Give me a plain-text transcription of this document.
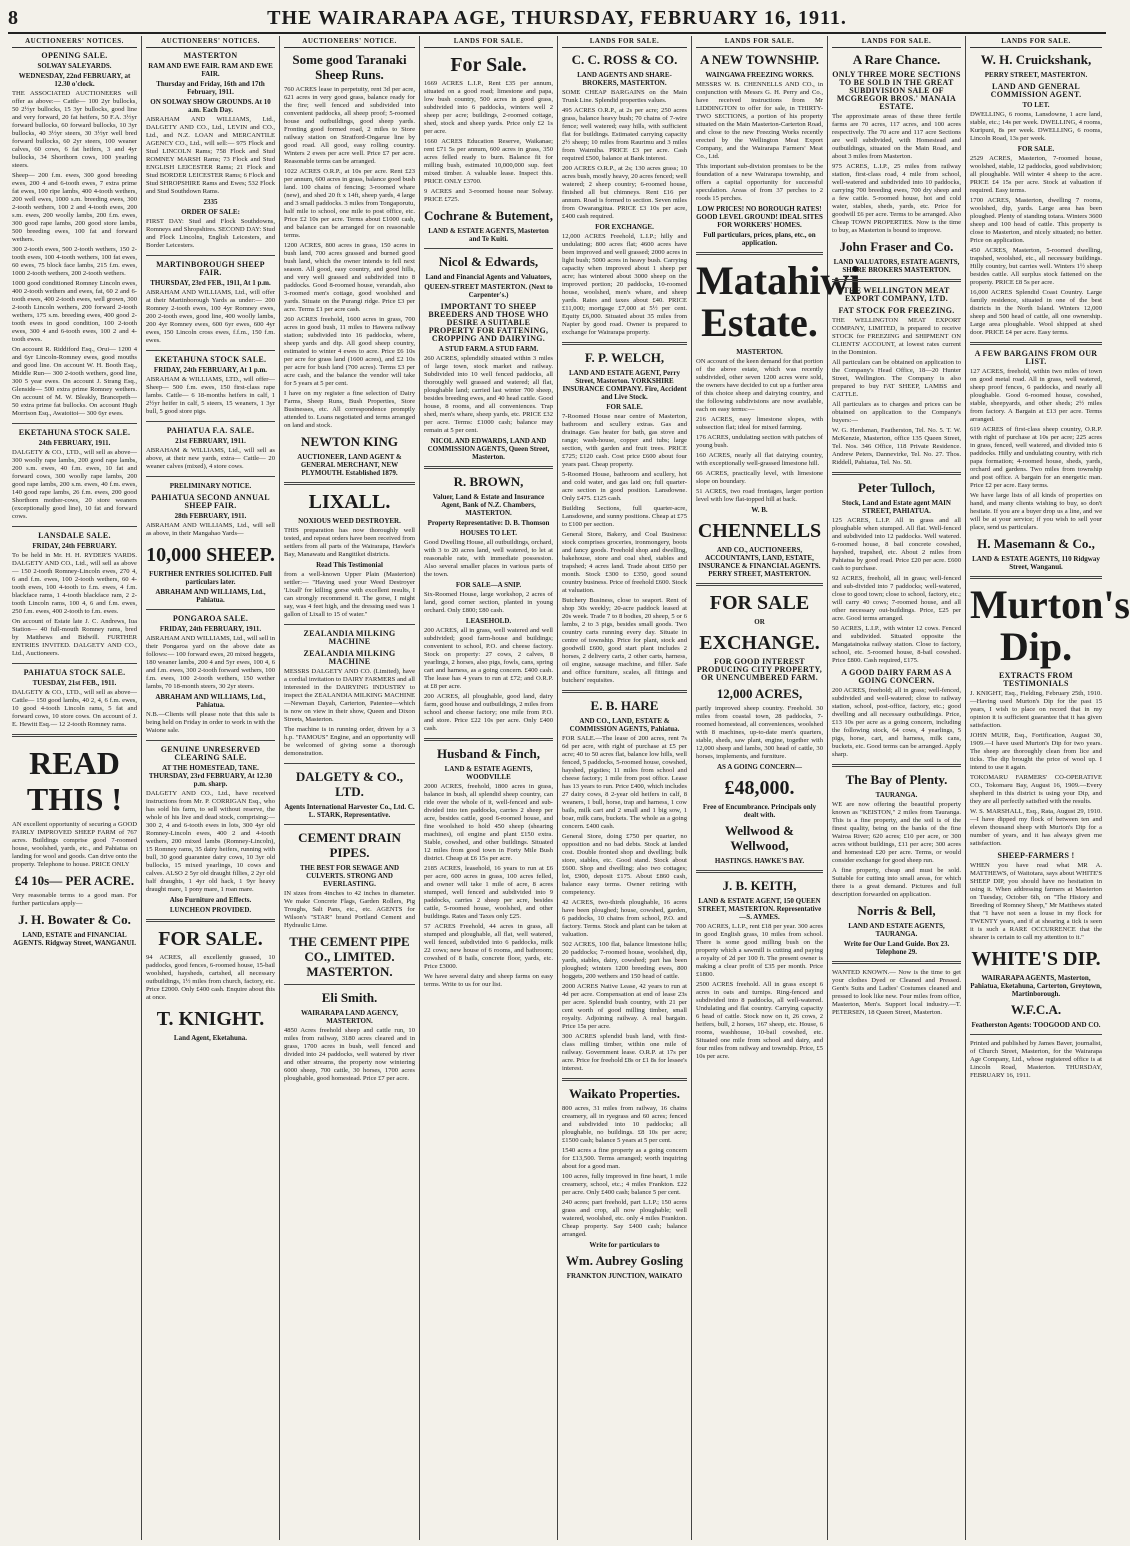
8	THE WAIRARAPA AGE, THURSDAY, FEBRUARY 16, 1911.
AUCTIONEERS' NOTICES.
OPENING SALE.
SOLWAY SALEYARDS.
WEDNESDAY, 22nd FEBRUARY, at 12.30 o'clock.
THE ASSOCIATED AUCTIONEERS will offer as above:— Cattle— 100 2yr bullocks, 50 2½yr bullocks, 15 3yr bullocks, good line and very forward, 20 fat heifers, 50 F.A. 3½yr forward bullocks, 60 forward bullocks, 10 3yr bullocks, 40 3½yr steers, 30 3½yr well bred forward bullocks, 60 2yr steers, 100 weaner calves, 60 cows, 6 fat heifers, 3 and 4yr bullocks, 34 Shorthorn cows, 100 yearling steers.
Sheep— 200 f.m. ewes, 300 good breeding ewes, 200 4 and 6-tooth ewes, 7 extra prime fat ewes, 100 ripe lambs, 400 4-tooth wethers, 200 well ewes, 1000 s.m. breeding ewes, 300 2-tooth wethers, 100 2 and 4-tooth ewes, 200 s.m. ewes, 200 woolly lambs, 200 f.m. ewes, 300 good rape lambs, 200 good store lambs, 500 breeding ewes, 100 fat and forward wethers.
300 2-tooth ewes, 500 2-tooth wethers, 150 2-tooth ewes, 100 4-tooth wethers, 100 fat ewes, 60 ewes, 75 block face lambs, 215 f.m. ewes, 1000 2-tooth wethers, 200 2-tooth wethers.
1000 good conditioned Romney Lincoln ewes, 400 2-tooth wethers and ewes, fat, 60 2 and 6-tooth ewes, 400 2-tooth ewes, well grown, 300 2-tooth Lincoln wethers, 200 forward 2-tooth wethers, 175 s.m. breeding ewes, 400 good 2-tooth ewes in good condition, 100 2-tooth ewes, 300 4 and 6-tooth ewes, 100 2 and 4-tooth ewes.
On account R. Riddiford Esq., Orui— 1200 4 and 6yr Lincoln-Romney ewes, good mouths and good line. On account W. H. Booth Esq., Middle Run— 300 2-tooth wethers, good line, 300 5 year ewes. On account J. Strang Esq., Glenside— 500 extra prime Romney wethers. On account of M. W. Bleakly, Brancepeth— 50 extra prime fat bullocks. On account Hugh Morrison Esq., Awatoitoi— 300 6yr ewes.
EKETAHUNA STOCK SALE.
24th FEBRUARY, 1911.
DALGETY & CO., LTD., will sell as above— 300 woolly rape lambs, 200 good rape lambs, 200 s.m. ewes, 40 f.m. ewes, 10 fat and forward cows, 300 woolly rape lambs, 200 good rape lambs, 200 s.m. ewes, 40 f.m. ewes, 140 good rape lambs, 26 f.m. ewes, 200 good Shorthorn mother-cows, 20 store weaners (exceptionally good line), 10 fat and forward cows.
LANSDALE SALE.
FRIDAY, 24th FEBRUARY.
To be held in Mr. H. H. RYDER'S YARDS. DALGETY AND CO., Ltd., will sell as above— 150 2-tooth Romney-Lincoln ewes, 270 4, 6 and f.m. ewes, 100 2-tooth wethers, 60 4-tooth ewes, 100 4-tooth to f.m. ewes, 4 f.m. blackface rams, 1 4-tooth blackface ram, 2 2-tooth Lincoln rams, 100 4, 6 and f.m. ewes, 250 f.m. ewes, 400 2-tooth to f.m. ewes.
On account of Estate late J. C. Andrews, Iua Station— 40 full-mouth Romney rams, bred by Matthews and Bidwill. FURTHER ENTRIES INVITED. DALGETY AND CO., Ltd., Auctioneers.
PAHIATUA STOCK SALE.
TUESDAY, 21st FEB., 1911.
DALGETY & CO., LTD., will sell as above— Cattle— 150 good lambs, 40 2, 4, 6 f.m. ewes, 10 good 4-tooth Lincoln rams, 5 fat and forward cows, 10 store cows. On account of J. E. Hewitt Esq.— 12 2-tooth Romney rams.
READ THIS !
AN excellent opportunity of securing a GOOD FAIRLY IMPROVED SHEEP FARM of 767 acres. Buildings comprise good 7-roomed house, woolshed, yards, etc., and Pahiatua on landing for wool and goods. Can drive onto the property. Telephone to house. PRICE ONLY
£4 10s— PER ACRE.
Very reasonable terms to a good man. For further particulars apply—
J. H. Bowater & Co.
LAND, ESTATE and FINANCIAL AGENTS. Ridgway Street, WANGANUI.
AUCTIONEERS' NOTICES.
MASTERTON
RAM AND EWE FAIR. RAM AND EWE FAIR.
Thursday and Friday, 16th and 17th February, 1911.
ON SOLWAY SHOW GROUNDS. At 10 a.m. Each Day.
ABRAHAM AND WILLIAMS, Ltd., DALGETY AND CO., Ltd., LEVIN and CO., Ltd., and N.Z. LOAN and MERCANTILE AGENCY CO., Ltd., will sell:— 975 Flock and Stud LINCOLN Rams; 758 Flock and Stud ROMNEY MARSH Rams; 73 Flock and Stud ENGLISH LEICESTER Rams; 21 Flock and Stud BORDER LEICESTER Rams; 6 Flock and Stud SHROPSHIRE Rams and Ewes; 532 Flock and Stud Southdown Rams.
2335
ORDER OF SALE:
FIRST DAY: Stud and Flock Southdowns, Romneys and Shropshires. SECOND DAY: Stud and Flock Lincolns, English Leicesters, and Border Leicesters.
MARTINBOROUGH SHEEP FAIR.
THURSDAY, 23rd FEB., 1911, At 1 p.m.
ABRAHAM AND WILLIAMS, Ltd., will offer at their Martinborough Yards as under:— 200 Romney 2-tooth ewes, 100 4yr Romney ewes, 200 2-tooth ewes, good line, 400 woolly lambs, 200 4yr Romney ewes, 600 6yr ewes, 600 4yr ewes, 150 Lincoln cross ewes, f.f.m., 150 f.m. ewes.
EKETAHUNA STOCK SALE.
FRIDAY, 24th FEBRUARY, At 1 p.m.
ABRAHAM & WILLIAMS, LTD., will offer— Sheep— 500 f.m. ewes, 150 first-class rape lambs. Cattle— 6 18-months heifers in calf, 1 2½yr heifer in calf, 5 steers, 15 weaners, 1 3yr bull, 5 good store pigs.
PAHIATUA F.A. SALE.
21st FEBRUARY, 1911.
ABRAHAM & WILLIAMS, Ltd., will sell as above, at their new yards, extra— Cattle— 20 weaner calves (mixed), 4 store cows.
PRELIMINARY NOTICE.
PAHIATUA SECOND ANNUAL SHEEP FAIR.
28th FEBRUARY, 1911.
ABRAHAM AND WILLIAMS, Ltd., will sell as above, in their Mangahao Yards—
10,000 SHEEP.
FURTHER ENTRIES SOLICITED. Full particulars later.
ABRAHAM AND WILLIAMS, Ltd., Pahiatua.
PONGAROA SALE.
FRIDAY, 24th FEBRUARY, 1911.
ABRAHAM AND WILLIAMS, Ltd., will sell in their Pongaroa yard on the above date as follows:— 100 forward ewes, 20 mixed heggets, 180 weaner lambs, 200 4 and 5yr ewes, 100 4, 6 and f.m. ewes, 300 2-tooth forward wethers, 100 f.m. ewes, 100 2-tooth wethers, 150 wether lambs, 70 18-month steers, 30 2yr steers.
ABRAHAM AND WILLIAMS, Ltd., Pahiatua.
N.B.—Clients will please note that this sale is being held on Friday in order to work in with the Waione sale.
GENUINE UNRESERVED CLEARING SALE.
AT THE HOMESTEAD, TANE. THURSDAY, 23rd FEBRUARY, At 12.30 p.m. sharp.
DALGETY AND CO., Ltd., have received instructions from Mr. P. CORRIGAN Esq., who has sold his farm, to sell without reserve, the whole of his live and dead stock, comprising:— 300 2, 4 and 6-tooth ewes in lots, 300 4yr old Romney-Lincoln ewes, 400 2 and 4-tooth wethers, 200 mixed lambs (Romney-Lincoln), 15 Romney rams, 35 dairy heifers, running with bull, 30 good guarantee dairy cows, 10 3yr old bullocks, 15 mixed yearlings, 10 cows and calves. ALSO 2 5yr old draught fillies, 2 2yr old half draughts, 1 4yr old hack, 1 9yr heavy draught mare, 1 pony mare, 1 roan mare.
Also Furniture and Effects.
LUNCHEON PROVIDED.
FOR SALE.
94 ACRES, all excellently grassed, 10 paddocks, good fences, 6-roomed house, 15-bail woolshed, haysheds, cartshed, all necessary outbuildings, 1½ miles from church, factory, etc. Price £2000. Only £400 cash. Enquire about this at once.
T. KNIGHT.
Land Agent, Eketahuna.
AUCTIONEERS' NOTICE.
Some good Taranaki Sheep Runs.
760 ACRES lease in perpetuity, rent 3d per acre, 621 acres in very good grass, balance ready for the fire; well fenced and subdivided into convenient paddocks, all sheep proof; 5-roomed house and outbuildings, good sheep yards. Fronting good formed road, 2 miles to Store railway station on Stratford-Ongarue line by good road. All good, easy rolling country. Winters 2 ewes per acre well. Price £7 per acre. Reasonable terms can be arranged.
1022 ACRES O.R.P., at 10s per acre. Rent £23 per annum, 600 acres in grass, balance good bush land. 100 chains of fencing; 3-roomed whare (new), and shed 20 ft x 14ft, sheep yards, 4 large and 3 small paddocks. 3 miles from Tongaporutu, half mile to school, one mile to post office, etc. Price £2 10s per acre. Terms about £1000 cash, and balance can be arranged for on reasonable terms.
1200 ACRES, 800 acres in grass, 150 acres in bush land, 700 acres grassed and burned good bush land, which the owner intends to fell next season. All good, easy country, and good hills, and very well grassed and subdivided into 8 paddocks. Good 8-roomed house, verandah, also 3-roomed men's cottage, good woolshed and yards. Situate on the Purangi ridge. Price £3 per acre. Terms £1 per acre cash.
260 ACRES freehold, 1600 acres in grass, 700 acres in good bush, 11 miles to Hawera railway station; subdivided into 16 paddocks, where, sheep yards and dip. All good sheep country, estimated to winter 4 ewes to acre. Price £6 10s per acre for grass land (1600 acres), and £2 10s per acre for bush land (700 acres). Terms £3 per acre cash, and the balance the vendor will take for 5 years at 5 per cent.
I have on my register a fine selection of Dairy Farms, Sheep Runs, Bush Properties, Store Businesses, etc. All correspondence promptly attended to. Loans negotiated and terms arranged on land and stock.
NEWTON KING
AUCTIONEER, LAND AGENT & GENERAL MERCHANT, NEW PLYMOUTH. Established 1879.
LIXALL.
NOXIOUS WEED DESTROYER.
THIS preparation has now thoroughly well tested, and repeat orders have been received from settlers from all parts of the Wairarapa, Hawke's Bay, Manawatu and Rangitikei districts.
Read This Testimonial
from a well-known Upper Plain (Masterton) settler:— "Having used your Weed Destroyer 'Lixall' for killing gorse with excellent results, I can strongly recommend it. The gorse, I might say, was 4 feet high, and the dressing used was 1 gallon of Lixall to 15 of water."
ZEALANDIA MILKING MACHINE
ZEALANDIA MILKING MACHINE
MESSRS DALGETY AND CO. (Limited), have a cordial invitation to DAIRY FARMERS and all interested in the DAIRYING INDUSTRY to inspect the ZEALANDIA MILKING MACHINE—Newman Dayah, Carterton, Patentee—which is now on view in their show, Queen and Dixon Streets, Masterton.
The machine is in running order, driven by a 3 h.p. "FAMOUS" Engine, and an opportunity will be welcomed of giving some a thorough demonstration.
DALGETY & CO., LTD.
Agents International Harvester Co., Ltd. C. L. STARK, Representative.
CEMENT DRAIN PIPES.
THE BEST FOR SEWAGE AND CULVERTS. STRONG AND EVERLASTING.
IN sizes from 4inches to 42 inches in diameter. We make Concrete Flags, Garden Rollers, Pig Troughs, Salt Pans, etc., etc. AGENTS for Wilson's "STAR" brand Portland Cement and Hydraulic Lime.
THE CEMENT PIPE CO., LIMITED. MASTERTON.
Eli Smith.
WAIRARAPA LAND AGENCY, MASTERTON.
4850 Acres freehold sheep and cattle run, 10 miles from railway, 3180 acres cleared and in grass, 1700 acres in bush, well fenced and divided into 24 paddocks, well watered by river and other streams, the property now wintering 6000 sheep, 700 cattle, 30 horses, 1700 acres ploughable, good homestead. Price £7 per acre.
LANDS FOR SALE.
For Sale.
1669 ACRES L.I.P., Rent £35 per annum, situated on a good road; limestone and papa, low bush country, 500 acres in good grass, subdivided into 6 paddocks, winters well 2 sheep per acre; buildings, 2-roomed cottage, shed, stock and sheep yards. Price only £2 1s per acre.
1660 ACRES Education Reserve, Waikanae; rent £71 5s per annum, 600 acres in grass, 350 acres felled ready to burn. Balance fit for milling bush, estimated 10,000,000 sup. feet mixed timber. A valuable lease. Inspect this. PRICE ONLY £3700.
9 ACRES and 3-roomed house near Solway. PRICE £725.
Cochrane & Butement,
LAND & ESTATE AGENTS, Masterton and Te Kuiti.
Nicol & Edwards,
Land and Financial Agents and Valuators,
QUEEN-STREET MASTERTON. (Next to Carpenter's.)
IMPORTANT TO SHEEP BREEDERS AND THOSE WHO DESIRE A SUITABLE PROPERTY FOR FATTENING, CROPPING AND DAIRYING.
A STUD FARM. A STUD FARM.
260 ACRES, splendidly situated within 3 miles of large town, stock market and railway. Subdivided into 10 well fenced paddocks, all thoroughly well grassed and watered; all flat, ploughable land; carried last winter 700 sheep, besides breeding ewes, and 40 head cattle. Good house, 8 rooms, and all conveniences. Trap shed, men's whare, sheep yards, etc. PRICE £32 per acre. Terms: £1000 cash; balance may remain at 5 per cent.
NICOL AND EDWARDS, LAND AND COMMISSION AGENTS, Queen Street, Masterton.
R. BROWN,
Valuer, Land & Estate and Insurance Agent, Bank of N.Z. Chambers, MASTERTON.
Property Representative: D. B. Thomson
HOUSES TO LET.
Good Dwelling House, all outbuildings, orchard, with 3 to 20 acres land, well watered, to let at reasonable rate, with immediate possession. Also several smaller places in various parts of the town.
FOR SALE—A SNIP.
Six-Roomed House, large workshop, 2 acres of land, good corner section, planted in young orchard. Only £800; £80 cash.
LEASEHOLD.
200 ACRES, all in grass, well watered and well subdivided; good farm-house and buildings; convenient to school, P.O. and cheese factory. Stock on property: 27 cows, 2 calves, 8 yearlings, 2 horses, also pigs, fowls, cans, spring cart and harness, as a going concern. £400 cash. The lease has 4 years to run at £72; and O.R.P. at £8 per acre.
200 ACRES, all ploughable, good land, dairy farm, good house and outbuildings, 2 miles from school and cheese factory; one mile from P.O. and store. Price £22 10s per acre. Only £400 cash.
Husband & Finch,
LAND & ESTATE AGENTS, WOODVILLE
2000 ACRES, freehold, 1800 acres in grass, balance in bush, all splendid sheep country, can ride over the whole of it, well-fenced and sub-divided into ten paddocks, carries 2 sheep per acre, besides cattle, good 6-roomed house, and fine woolshed to hold 450 sheep (shearing machines), oil engine and plant £150 extra. Stable, cowshed, and other buildings. Situated 12 miles from good town in Forty Mile Bush district. Cheap at £6 15s per acre.
2185 ACRES, leasehold, 16 years to run at £6 per acre, 600 acres in grass, 100 acres felled, and owner will take 1 mile of acre, 8 acres stumped, well fenced and subdivided into 9 paddocks, carries 2 sheep per acre, besides cattle, 5-roomed house, woolshed, and other buildings. Rates and Taxes only £25.
57 ACRES Freehold, 44 acres in grass, all stumped and ploughable, all flat, well watered, well fenced, subdivided into 6 paddocks, milk 22 cows; new house of 6 rooms, and bathroom; cowshed of 8 bails, concrete floor, yards, etc. Price £3000.
We have several dairy and sheep farms on easy terms. Write to us for our list.
LANDS FOR SALE.
C. C. ROSS & CO.
LAND AGENTS AND SHARE-BROKERS, MASTERTON.
SOME CHEAP BARGAINS on the Main Trunk Line. Splendid properties values.
495 ACRES O.R.P., at 2s per acre; 250 acres grass, balance heavy bush; 70 chains of 7-wire fence; well watered; easy hills, with sufficient flat for buildings. Estimated carrying capacity 2½ sheep; 10 miles from Raurimu and 3 miles from Waimiha. PRICE £3 per acre. Cash required £500, balance at Bank interest.
200 ACRES O.R.P., at 2s; 130 acres grass; 10 acres bush, mostly heavy, 20 acres fenced; well watered; 2 sheep country; 6-roomed house, finished all but chimneys. Rent £16 per annum. Road is formed to section. Seven miles from Owarangitua. PRICE £3 10s per acre, £400 cash required.
FOR EXCHANGE.
12,000 ACRES Freehold, L.I.P.; hilly and undulating; 800 acres flat; 4600 acres have been improved and well grassed; 2000 acres in light bush; 5000 acres in heavy bush. Carrying capacity when improved about 1 sheep per acre; has wintered about 3000 sheep on the improved portion; 20 paddocks, 10-roomed house, woolshed, men's whare, and sheep yards. Rates and taxes about £40. PRICE £11,000; mortgage £7,000 at 5½ per cent. Equity £6,000. Situated about 35 miles from Napier by good road. Owner is prepared to exchange for Wairarapa property.
F. P. WELCH,
LAND AND ESTATE AGENT, Perry Street, Masterton. YORKSHIRE INSURANCE COMPANY. Fire, Accident and Live Stock.
FOR SALE.
7-Roomed House near centre of Masterton, bathroom and scullery extras. Gas and drainage. Gas heater for bath, gas stove and range; wash-house, copper and tubs; large section, with garden and fruit trees. PRICE £725; £120 cash. Cost price £600 about four years past. Cheap property.
5-Roomed House, bathroom and scullery, hot and cold water, and gas laid on; full quarter-acre section in good position. Lansdowne. Only £475. £125 cash.
Building Sections, full quarter-acre, Lansdowne, and sunny positions. Cheap at £75 to £100 per section.
General Store, Bakery, and Coal Business: stock comprises groceries, ironmongery, boots and fancy goods. Freehold shop and dwelling, bakehouse, store and coal shed, stables and trapshed; 4 acres land. Trade about £850 per month. Stock £300 to £350, good sound country business. Price of freehold £600. Stock at valuation.
Butchery Business, close to seaport. Rent of shop 30s weekly; 20-acre paddock leased at 20s week. Trade 7 to 8 bodies, 20 sheep, 5 or 6 lambs, 2 to 3 pigs, besides small goods. Two country carts running every day. Situate in centre of township. Price for plant, stock and goodwill £600, good start plant includes 2 horses, 2 delivery carts, 2 other carts, harness, oil engine, sausage machine, and filler. Safe and office furniture, scales, all fittings and butchers' requisites.
E. B. HARE
AND CO., LAND, ESTATE & COMMISSION AGENTS, Pahiatua.
FOR SALE.—The lease of 200 acres, rent 7s 6d per acre, with right of purchase at £5 per acre; 40 to 50 acres flat, balance low hills, well fenced, 5 paddocks, 5-roomed house, cowshed, hayshed, pigsties; 11 miles from school and cheese factory; 1 mile from post office. Lease has 13 years to run. Price £400, which includes 27 dairy cows, 8 2-year old heifers in calf, 8 weaners, 1 bull, horse, trap and harness, 1 cow bails, milk cart and 2 small and 1 big sow, 1 boar, milk cans, buckets. The whole as a going concern. £400 cash.
General Store, doing £750 per quarter, no opposition and no bad debts. Stock at landed cost. Double fronted shop and dwelling; bulk store, stables, etc. Good stand. Stock about £600. Shop and dwelling; also two cottages; lot, £900, deposit £175. About £860 cash, balance easy terms. Owner retiring with competency.
42 ACRES, two-thirds ploughable, 16 acres have been ploughed; house, cowshed, garden, 6 paddocks, 10 chains from school, P.O. and factory. Terms. Stock and plant can be taken at valuation.
502 ACRES, 100 flat, balance limestone hills; 20 paddocks; 7-roomed house, woolshed, dip, yards, stables, dairy, cowshed; part has been ploughed; winters 1200 breeding ewes, 800 hoggets, 200 wethers and 150 head of cattle.
2000 ACRES Native Lease, 42 years to run at 4d per acre. Compensation at end of lease 23s per acre. Splendid bush country, with 21 per cent worth of good milling timber, small royalty. Adjoining railway. A real bargain. Price 15s per acre.
300 ACRES splendid bush land, with first-class milling timber, within one mile of railway. Government lease. O.R.P. at 17s per acre. Price for freehold £8s or £1 8s for lessee's interest.
Waikato Properties.
800 acres, 31 miles from railway, 16 chains creamery, all in ryegrass and 60 acres; fenced and subdivided into 10 paddocks; all ploughable, no buildings. £8 10s per acre; £1500 cash; balance 5 years at 5 per cent.
1540 acres a fine property as a going concern for £13,500. Terms arranged; worth inquiring about for a good man.
100 acres, fully improved in fine heart, 1 mile creamery, school, etc.; 4 miles Frankton. £22 per acre. Only £400 cash; balance 5 per cent.
240 acres; part freehold, part L.I.P.; 150 acres grass and crop, all now ploughable; well watered, woolshed, etc. only 4 miles Frankton. Cheap property. Say £400 cash; balance arranged.
Write for particulars to
Wm. Aubrey Gosling
FRANKTON JUNCTION, WAIKATO
LANDS FOR SALE.
A NEW TOWNSHIP.
WAINGAWA FREEZING WORKS.
MESSRS W. B. CHENNELLS AND CO., in conjunction with Messrs G. H. Perry and Co., have received instructions from Mr LIDDINGTON to offer for sale, in THIRTY-TWO SECTIONS, a portion of his property situated on the Main Masterton-Carterton Road, and close to the new Freezing Works recently erected by the Wellington Meat Export Company, and the Wairarapa Farmers' Meat Co., Ltd.
This important sub-division promises to be the foundation of a new Wairarapa township, and offers a capital opportunity for successful speculation. Areas of from 37 perches to 2 roods 15 perches.
LOW PRICES! NO BOROUGH RATES! GOOD LEVEL GROUND! IDEAL SITES FOR WORKERS' HOMES.
Full particulars, prices, plans, etc., on application.
Matahiwi Estate.
MASTERTON.
ON account of the keen demand for that portion of the above estate, which was recently subdivided, other seven 1200 acres were sold, the owners have decided to cut up a further area of this choice sheep and dairying country, and the following subdivisions are now available, each on easy terms:—
216 ACRES, easy limestone slopes, with subsection flat; ideal for mixed farming.
176 ACRES, undulating section with patches of young bush.
160 ACRES, nearly all flat dairying country, with exceptionally well-grassed limestone hill.
66 ACRES, practically level, with limestone slope on boundary.
51 ACRES, two road frontages, larger portion level with low flat-topped hill at back.
W. B.
CHENNELLS
AND CO., AUCTIONEERS, ACCOUNTANTS, LAND, ESTATE, INSURANCE & FINANCIAL AGENTS. PERRY STREET, MASTERTON.
FOR SALE
OR
EXCHANGE.
FOR GOOD INTEREST PRODUCING CITY PROPERTY, OR UNENCUMBERED FARM.
12,000 ACRES,
partly improved sheep country. Freehold. 30 miles from coastal town, 28 paddocks, 7-roomed homestead, all conveniences, woolshed with 8 machines, up-to-date men's quarters, stable, sheds, saw plant, engine, together with 12,000 sheep and lambs, 300 head of cattle, 30 horses, implements, and furniture.
AS A GOING CONCERN—
£48,000.
Free of Encumbrance. Principals only dealt with.
Wellwood & Wellwood,
HASTINGS. HAWKE'S BAY.
J. B. KEITH,
LAND & ESTATE AGENT, 150 QUEEN STREET, MASTERTON. Representative—S. AYMES.
700 ACRES, L.I.P., rent £18 per year. 300 acres in good English grass, 10 miles from school. There is some good milling bush on the property which a sawmill is cutting and paying a royalty of 2d per 100 ft. The present owner is making a clear profit of £35 per month. Price £1800.
2500 ACRES freehold. All in grass except 6 acres in oats and turnips. Ring-fenced and subdivided into 8 paddocks, all well-watered. Undulating and flat country. Carrying capacity 6 head of cattle. Stock now on it, 26 cows, 2 heifers, bull, 2 horses, 167 sheep, etc. House, 6 rooms, washhouse, 10-bail cowshed, etc. Situated one mile from school and dairy, and four miles from railway and township. Price, £5 10s per acre.
LANDS FOR SALE.
A Rare Chance.
ONLY THREE MORE SECTIONS TO BE SOLD IN THE GREAT SUBDIVISION SALE OF MCGREGOR BROS.' MANAIA ESTATE.
The approximate areas of these three fertile farms are 70 acres, 117 acres, and 100 acres respectively. The 70 acre and 117 acre Sections are well subdivided, with Homestead and outbuildings, situated on the Main Road, and about 3 miles from Masterton.
975 ACRES, L.I.P., 25 miles from railway station, first-class road, 4 mile from school, well-watered and subdivided into 10 paddocks, carrying 700 breeding ewes, 700 dry sheep and a few cattle. 5-roomed house, hot and cold water, stables, sheds, yards, etc. Price for goodwill £6 per acre. Terms to be arranged. Also Cheap TOWN PROPERTIES. Now is the time to buy, as Masterton is bound to improve.
John Fraser and Co.
LAND VALUATORS, ESTATE AGENTS, SHARE BROKERS MASTERTON.
THE WELLINGTON MEAT EXPORT COMPANY, LTD.
FAT STOCK FOR FREEZING.
THE WELLINGTON MEAT EXPORT COMPANY, LIMITED, is prepared to receive STOCK for FREEZING and SHIPMENT ON CLIENTS' ACCOUNT, at lowest rates current in the Dominion.
All particulars can be obtained on application to the Company's Head Office, 18—20 Hunter Street, Wellington. The Company is also prepared to buy FAT SHEEP, LAMBS and CATTLE.
All particulars as to charges and prices can be obtained on application to the Company's buyers:—
W. G. Herdsman, Featherston, Tel. No. 5. T. W. McKenzie, Masterton, office 135 Queen Street, Tel. Nos. 346 Office, 118 Private Residence. Andrew Peters, Dannevirke, Tel. No. 27. Thos. Riddell, Pahiatua, Tel. No. 50.
Peter Tulloch,
Stock, Land and Estate agent MAIN STREET, PAHIATUA.
125 ACRES, L.I.P. All in grass and all ploughable when stumped. All flat. Well-fenced and subdivided into 12 paddocks. Well watered. 6-roomed house, 8 bail concrete cowshed, hayshed, trapshed, etc. About 2 miles from Pahiatua by good road. Price £20 per acre. £600 cash to purchase.
92 ACRES, freehold, all in grass; well-fenced and sub-divided into 7 paddocks; well-watered, close to good town; close to school, factory, etc.; will carry 40 cows; 7-roomed house, and all other necessary out-buildings. Price, £25 per acre. Good terms arranged.
50 ACRES, L.I.P., with winter 12 cows. Fenced and subdivided. Situated opposite the Mangatainoka railway station. Close to factory, school, etc. 5-roomed house, 8-bail cowshed. Price £800. Cash required, £175.
A GOOD DAIRY FARM AS A GOING CONCERN.
200 ACRES, freehold; all in grass; well-fenced, subdivided and well-watered; close to railway station, school, post-office, factory, etc.; good dwelling and all necessary outbuildings. Price, £13 10s per acre as a going concern, including the following stock, 64 cows, 4 yearlings, 5 pigs, horse, cart, and harness, milk cans, buckets, etc. Good terms can be arranged. Apply sharp.
The Bay of Plenty.
TAURANGA.
WE are now offering the beautiful property known as "KEISTON," 2 miles from Tauranga. This is a fine property, and the soil is of the finest quality, being on the banks of the fine Wairoa River; 620 acres; £10 per acre, or 300 acres without buildings, £11 per acre; 300 acres and homestead £20 per acre. Terms, or would consider exchange for good sheep run.
A fine property, cheap and must be sold. Suitable for cutting into small areas, for which there is a great demand. Pictures and full description forwarded on application.
Norris & Bell,
LAND AND ESTATE AGENTS, TAURANGA.
Write for Our Land Guide. Box 23. Telephone 29.
WANTED KNOWN.— Now is the time to get your clothes Dyed or Cleaned and Pressed. Gent's Suits and Ladies' Costumes cleaned and pressed to look like new. Four miles from office, Masterton, Men's. Support local industry.—T. PETERSEN, 18 Queen Street, Masterton.
LANDS FOR SALE.
W. H. Cruickshank,
PERRY STREET, MASTERTON.
LAND AND GENERAL COMMISSION AGENT.
TO LET.
DWELLING, 6 rooms, Lansdowne, 1 acre land, stable, etc.; 14s per week. DWELLING, 4 rooms, Kuripuni, 8s per week. DWELLING, 6 rooms, Lincoln Road, 13s per week.
FOR SALE.
2529 ACRES, Masterton, 7-roomed house, woolshed, stable, 12 paddocks, good subdivision; all ploughable. Will winter 4 sheep to the acre. PRICE £4 15s per acre. Stock at valuation if required. Easy terms.
1700 ACRES, Masterton, dwelling 7 rooms, woolshed, dip, yards. Large area has been ploughed. Plenty of standing totara. Winters 3600 sheep and 100 head of cattle. This property is close to Masterton, and nicely situated; no better. Price on application.
450 ACRES, Masterton, 5-roomed dwelling, trapshed, woolshed, etc., all necessary buildings. Hilly country, but carries well. Winters 1½ sheep besides cattle. All surplus stock fattened on the property. PRICE £8 5s per acre.
16,000 ACRES Splendid Coast Country. Large family residence, situated in one of the best districts in the North Island. Winters 12,000 sheep and 500 head of cattle, all one ownership. Large area ploughable. Wool shipped at shed door. PRICE £4 per acre. Easy terms.
A FEW BARGAINS FROM OUR LIST.
127 ACRES, freehold, within two miles of town on good metal road. All in grass, well watered, sheep proof fences, 6 paddocks, and nearly all ploughable. Good 6-roomed house, cowshed, stable, sheepyards, and other sheds; 2½ miles from factory. A Bargain at £13 per acre. Terms arranged.
619 ACRES of first-class sheep country, O.R.P. with right of purchase at 10s per acre; 225 acres in grass, fenced, well watered, and divided into 6 paddocks. Hilly and undulating country, with rich papa formation; 4-roomed house, sheds, yards, orchard and gardens. Two miles from township and post office. A bargain for an energetic man. Price £2 per acre. Easy terms.
We have large lists of all kinds of properties on hand, and many clients wishing to buy, so don't hesitate. If you are a buyer drop us a line, and we will be at your service; if you wish to sell your place, send us particulars.
H. Masemann & Co.,
LAND & ESTATE AGENTS, 110 Ridgway Street, Wanganui.
Murton's Dip.
EXTRACTS FROM TESTIMONIALS
J. KNIGHT, Esq., Fielding, February 25th, 1910.—Having used Murton's Dip for the past 15 years, I wish to place on record that in my opinion it is sufficient guarantee that it has given satisfaction.
JOHN MUIR, Esq., Fortification, August 30, 1909.—I have used Murton's Dip for two years. The sheep are thoroughly clean from lice and ticks. The dip brought the price of wool up. I intend to use it again.
TOKOMARU FARMERS' CO-OPERATIVE CO., Tokomaru Bay, August 16, 1909.—Every shepherd in this district is using your Dip, and they are all perfectly satisfied with the results.
W. S. MARSHALL, Esq., Rata, August 29, 1910.—I have dipped my flock of between ten and eleven thousand sheep with Murton's Dip for a number of years, and it has always given me satisfaction.
SHEEP-FARMERS !
WHEN you have read what MR A. MATTHEWS, of Waitotara, says about WHITE'S SHEEP DIP, you should have no hesitation in using it. When addressing farmers at Masterton on Tuesday, October 6th, on "The History and Breeding of Romney Sheep," Mr Matthews stated that "I have not seen a louse in my flock for TWENTY years, and if at shearing a tick is seen it is such a RARE OCCURRENCE that the shearer is certain to call my attention to it."
WHITE'S DIP.
WAIRARAPA AGENTS, Masterton, Pahiatua, Eketahuna, Carterton, Greytown, Martinborough.
W.F.C.A.
Featherston Agents: TOOGOOD AND CO.
Printed and published by James Baver, journalist, of Church Street, Masterton, for the Wairarapa Age Company, Ltd., whose registered office is at Lincoln Road, Masterton. THURSDAY, FEBRUARY 16, 1911.
